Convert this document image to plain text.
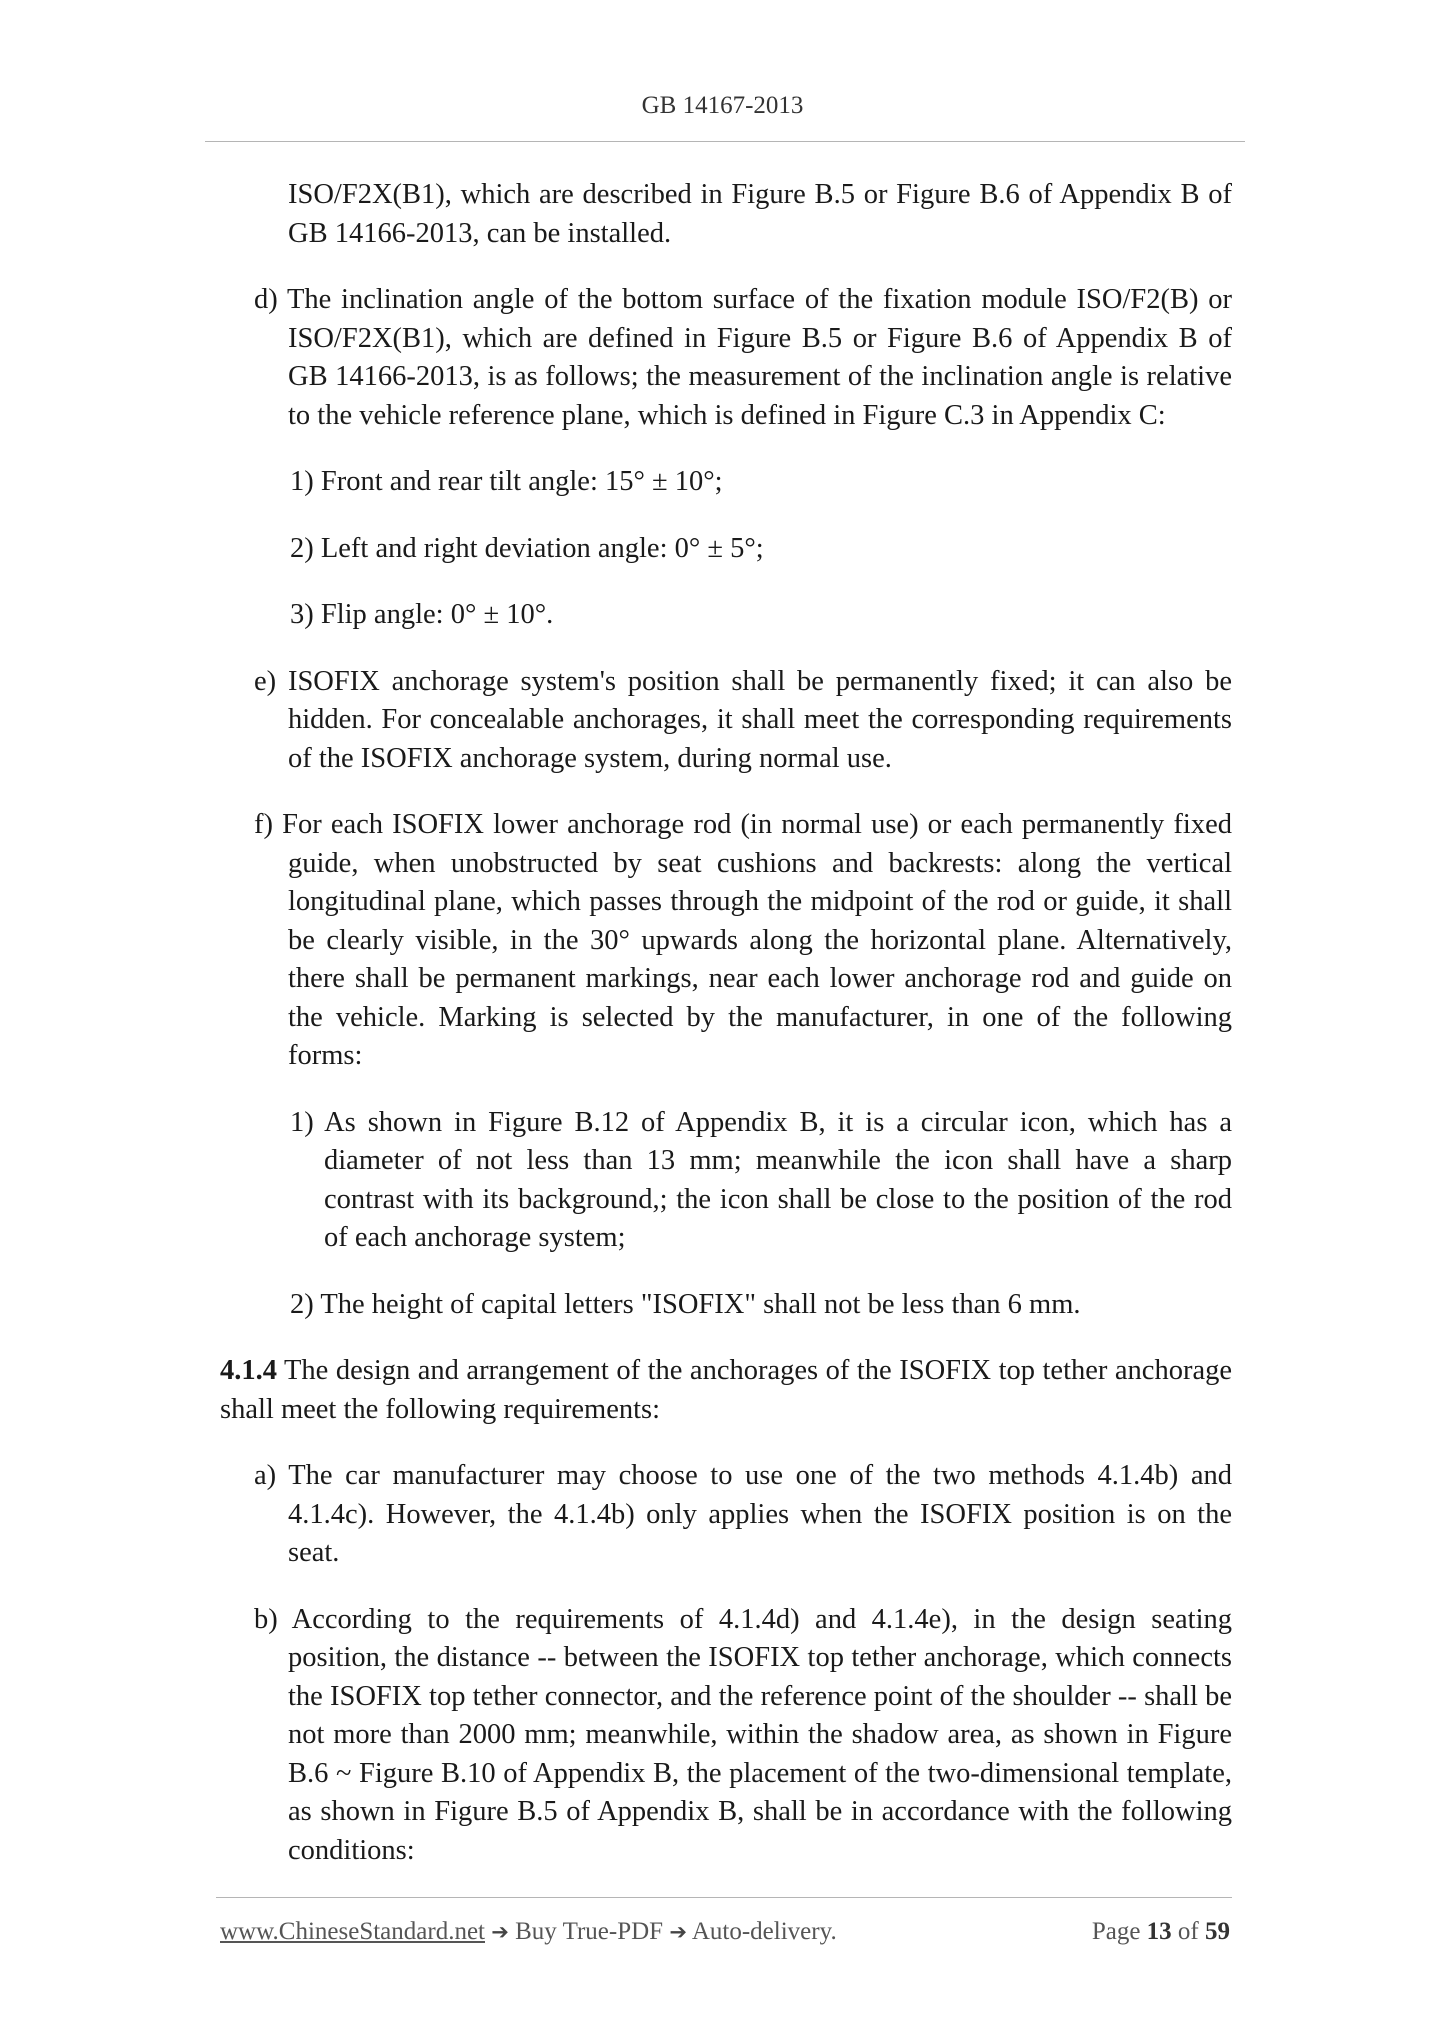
GB 14167-2013

ISO/F2X(B1), which are described in Figure B.5 or Figure B.6 of Appendix B of GB 14166-2013, can be installed.

d) The inclination angle of the bottom surface of the fixation module ISO/F2(B) or ISO/F2X(B1), which are defined in Figure B.5 or Figure B.6 of Appendix B of GB 14166-2013, is as follows; the measurement of the inclination angle is relative to the vehicle reference plane, which is defined in Figure C.3 in Appendix C:

1) Front and rear tilt angle: 15° ± 10°;

2) Left and right deviation angle: 0° ± 5°;

3) Flip angle: 0° ± 10°.

e) ISOFIX anchorage system's position shall be permanently fixed; it can also be hidden. For concealable anchorages, it shall meet the corresponding requirements of the ISOFIX anchorage system, during normal use.

f) For each ISOFIX lower anchorage rod (in normal use) or each permanently fixed guide, when unobstructed by seat cushions and backrests: along the vertical longitudinal plane, which passes through the midpoint of the rod or guide, it shall be clearly visible, in the 30° upwards along the horizontal plane. Alternatively, there shall be permanent markings, near each lower anchorage rod and guide on the vehicle. Marking is selected by the manufacturer, in one of the following forms:

1) As shown in Figure B.12 of Appendix B, it is a circular icon, which has a diameter of not less than 13 mm; meanwhile the icon shall have a sharp contrast with its background,; the icon shall be close to the position of the rod of each anchorage system;

2) The height of capital letters "ISOFIX" shall not be less than 6 mm.

4.1.4 The design and arrangement of the anchorages of the ISOFIX top tether anchorage shall meet the following requirements:

a) The car manufacturer may choose to use one of the two methods 4.1.4b) and 4.1.4c). However, the 4.1.4b) only applies when the ISOFIX position is on the seat.

b) According to the requirements of 4.1.4d) and 4.1.4e), in the design seating position, the distance -- between the ISOFIX top tether anchorage, which connects the ISOFIX top tether connector, and the reference point of the shoulder -- shall be not more than 2000 mm; meanwhile, within the shadow area, as shown in Figure B.6 ~ Figure B.10 of Appendix B, the placement of the two-dimensional template, as shown in Figure B.5 of Appendix B, shall be in accordance with the following conditions:

www.ChineseStandard.net ➔ Buy True-PDF ➔ Auto-delivery.	Page 13 of 59
